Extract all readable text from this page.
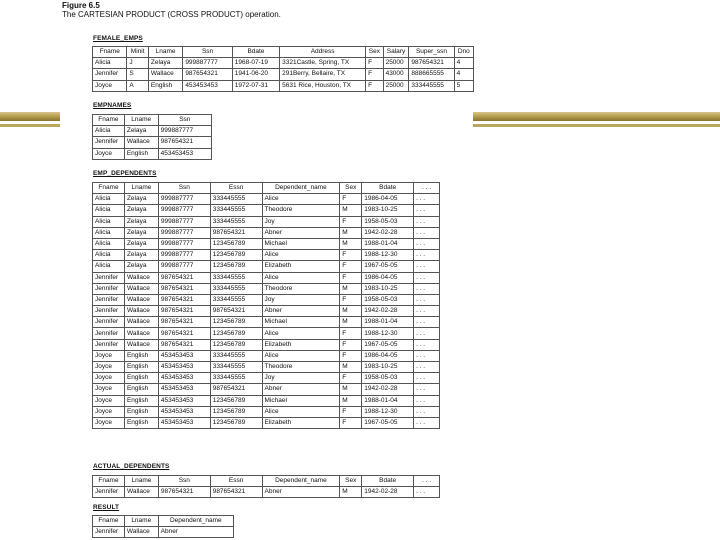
Figure 6.5
The CARTESIAN PRODUCT (CROSS PRODUCT) operation.
FEMALE_EMPS
Fname	Minit	Lname	Ssn	Bdate	Address	Sex	Salary	Super_ssn	Dno
Alicia	J	Zelaya	999887777	1968-07-19	3321Castle, Spring, TX	F	25000	987654321	4
Jennifer	S	Wallace	987654321	1941-06-20	291Berry, Bellaire, TX	F	43000	888665555	4
Joyce	A	English	453453453	1972-07-31	5631 Rice, Houston, TX	F	25000	333445555	5
EMPNAMES
Fname	Lname	Ssn
Alicia	Zelaya	999887777
Jennifer	Wallace	987654321
Joyce	English	453453453
EMP_DEPENDENTS
Fname	Lname	Ssn	Essn	Dependent_name	Sex	Bdate	. . .
Alicia	Zelaya	999887777	333445555	Alice	F	1986-04-05	. . .
Alicia	Zelaya	999887777	333445555	Theodore	M	1983-10-25	. . .
Alicia	Zelaya	999887777	333445555	Joy	F	1958-05-03	. . .
Alicia	Zelaya	999887777	987654321	Abner	M	1942-02-28	. . .
Alicia	Zelaya	999887777	123456789	Michael	M	1988-01-04	. . .
Alicia	Zelaya	999887777	123456789	Alice	F	1988-12-30	. . .
Alicia	Zelaya	999887777	123456789	Elizabeth	F	1967-05-05	. . .
Jennifer	Wallace	987654321	333445555	Alice	F	1986-04-05	. . .
Jennifer	Wallace	987654321	333445555	Theodore	M	1983-10-25	. . .
Jennifer	Wallace	987654321	333445555	Joy	F	1958-05-03	. . .
Jennifer	Wallace	987654321	987654321	Abner	M	1942-02-28	. . .
Jennifer	Wallace	987654321	123456789	Michael	M	1988-01-04	. . .
Jennifer	Wallace	987654321	123456789	Alice	F	1988-12-30	. . .
Jennifer	Wallace	987654321	123456789	Elizabeth	F	1967-05-05	. . .
Joyce	English	453453453	333445555	Alice	F	1986-04-05	. . .
Joyce	English	453453453	333445555	Theodore	M	1983-10-25	. . .
Joyce	English	453453453	333445555	Joy	F	1958-05-03	. . .
Joyce	English	453453453	987654321	Abner	M	1942-02-28	. . .
Joyce	English	453453453	123456789	Michael	M	1988-01-04	. . .
Joyce	English	453453453	123456789	Alice	F	1988-12-30	. . .
Joyce	English	453453453	123456789	Elizabeth	F	1967-05-05	. . .
ACTUAL_DEPENDENTS
Fname	Lname	Ssn	Essn	Dependent_name	Sex	Bdate	. . .
Jennifer	Wallace	987654321	987654321	Abner	M	1942-02-28	. . .
RESULT
Fname	Lname	Dependent_name
Jennifer	Wallace	Abner
